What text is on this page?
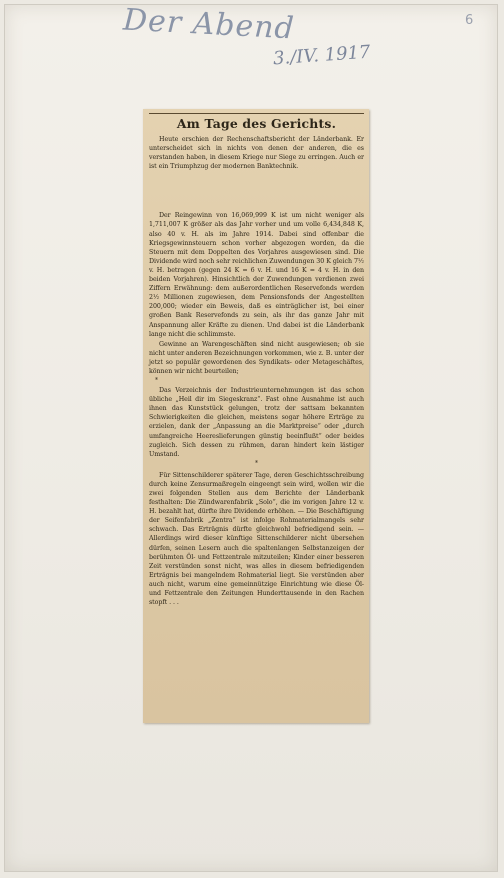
Der Abend
3./IV. 1917
6
Am Tage des Gerichts.

Heute erschien der Rechenschaftsbericht der Länderbank. Er unterscheidet sich in nichts von denen der anderen, die es verstanden haben, in diesem Kriege nur Siege zu erringen. Auch er ist ein Triumphzug der modernen Banktechnik.

Der Reingewinn von 16,069,999 K ist um nicht weniger als 1,711,007 K größer als das Jahr vorher und um volle 6,434,848 K, also 40 v. H. als im Jahre 1914. Dabei sind offenbar die Kriegsgewinnsteuern schon vorher abgezogen worden, da die Steuern mit dem Doppelten des Vorjahres ausgewiesen sind. Die Dividende wird noch sehr reichlichen Zuwendungen 30 K gleich 7½ v. H. betragen (gegen 24 K = 6 v. H. und 16 K = 4 v. H. in den beiden Vorjahren). Hinsichtlich der Zuwendungen verdienen zwei Ziffern Erwähnung: dem außerordentlichen Reservefonds werden 2½ Millionen zugewiesen, dem Pensionsfonds der Angestellten 200,000; wieder ein Beweis, daß es einträglicher ist, bei einer großen Bank Reservefonds zu sein, als ihr das ganze Jahr mit Anspannung aller Kräfte zu dienen. Und dabei ist die Länderbank lange nicht die schlimmste.

Gewinne an Warengeschäften sind nicht ausgewiesen; ob sie nicht unter anderen Bezeichnungen vorkommen, wie z. B. unter der jetzt so populär gewordenen des Syndikats- oder Metageschäftes, können wir nicht beurteilen;

*

Das Verzeichnis der Industrieunternehmungen ist das schon übliche „Heil dir im Siegeskranz“. Fast ohne Ausnahme ist auch ihnen das Kunststück gelungen, trotz der sattsam bekannten Schwierigkeiten die gleichen, meistens sogar höhere Erträge zu erzielen, dank der „Anpassung an die Marktpreise“ oder „durch umfangreiche Heereslieferungen günstig beeinflußt“ oder beides zugleich. Sich dessen zu rühmen, daran hindert kein lästiger Umstand.

*

Für Sittenschilderer späterer Tage, deren Geschichtsschreibung durch keine Zensurmaßregeln eingeengt sein wird, wollen wir die zwei folgenden Stellen aus dem Berichte der Länderbank festhalten: Die Zündwarenfabrik „Solo“, die im vorigen Jahre 12 v. H. bezahlt hat, dürfte ihre Dividende erhöhen. — Die Beschäftigung der Seifenfabrik „Zentra“ ist infolge Rohmaterialmangels sehr schwach. Das Erträgnis dürfte gleichwohl befriedigend sein. — Allerdings wird dieser künftige Sittenschilderer nicht übersehen dürfen, seinen Lesern auch die spaltenlangen Selbstanzeigen der berühmten Öl- und Fettzentrale mitzuteilen; Kinder einer besseren Zeit verstünden sonst nicht, was alles in diesem befriedigenden Erträgnis bei mangelndem Rohmaterial liegt. Sie verstünden aber auch nicht, warum eine gemeinnützige Einrichtung wie diese Öl- und Fettzentrale den Zeitungen Hunderttausende in den Rachen stopft . . .
